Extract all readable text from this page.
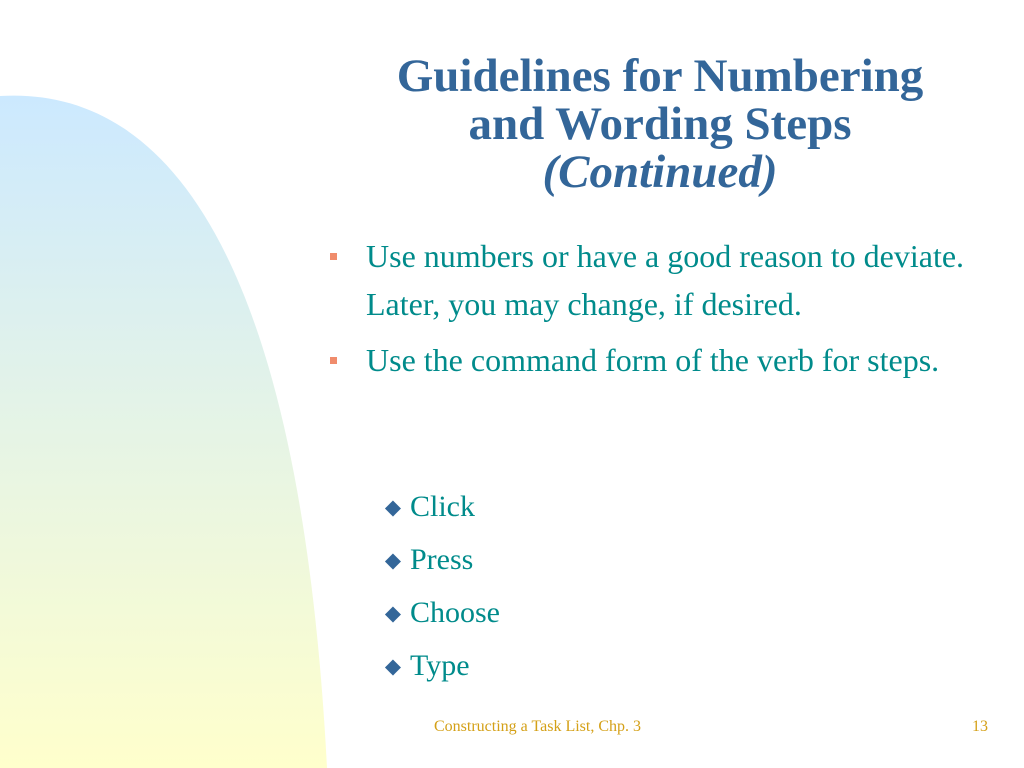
Guidelines for Numbering
and Wording Steps
(Continued)
Use numbers or have a good reason to deviate. Later, you may change, if desired.
Use the command form of the verb for steps.
◆ Click
◆ Press
◆ Choose
◆ Type
Constructing a Task List, Chp. 3	13
